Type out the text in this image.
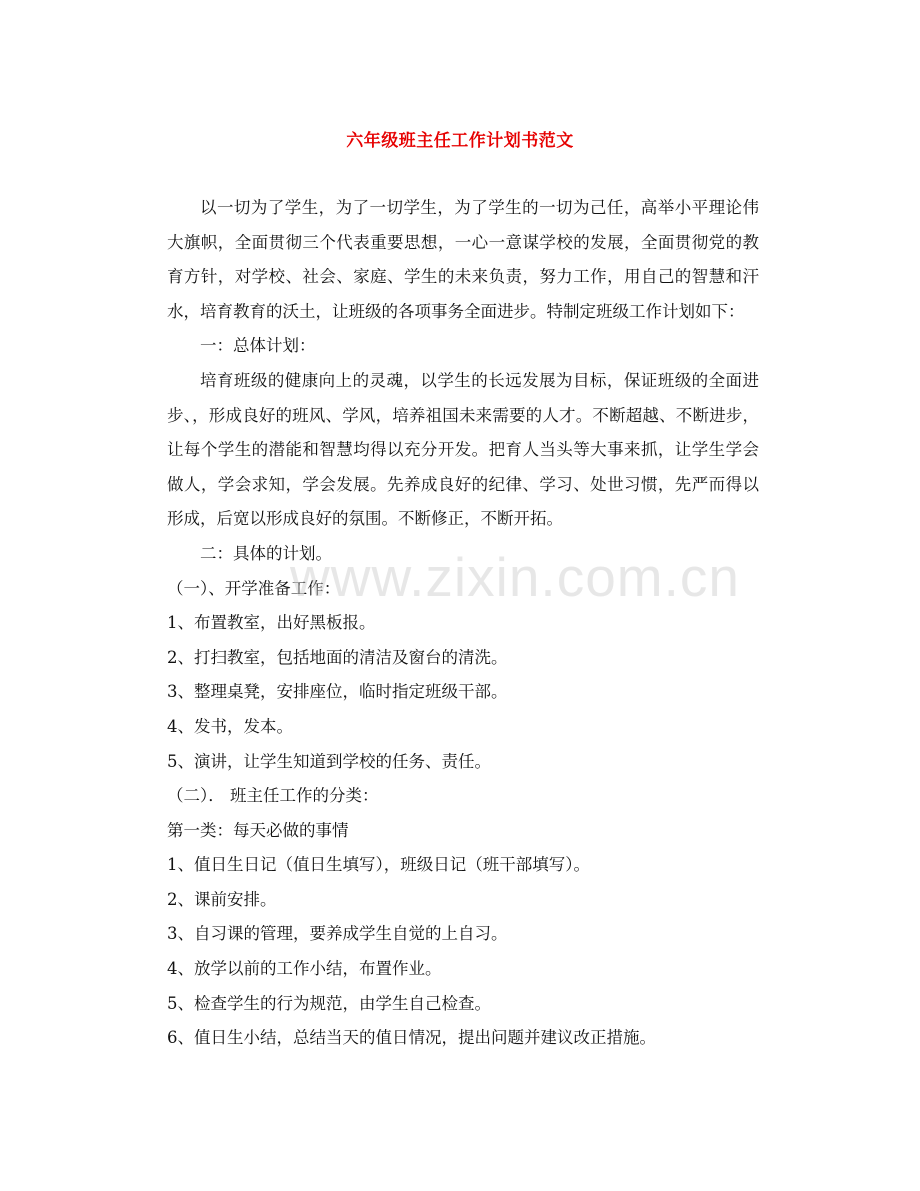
六年级班主任工作计划书范文

以一切为了学生，为了一切学生，为了学生的一切为己任，高举小平理论伟大旗帜，全面贯彻三个代表重要思想，一心一意谋学校的发展，全面贯彻党的教育方针，对学校、社会、家庭、学生的未来负责，努力工作，用自己的智慧和汗水，培育教育的沃土，让班级的各项事务全面进步。特制定班级工作计划如下：

一：总体计划：

培育班级的健康向上的灵魂，以学生的长远发展为目标，保证班级的全面进步、，形成良好的班风、学风，培养祖国未来需要的人才。不断超越、不断进步，让每个学生的潜能和智慧均得以充分开发。把育人当头等大事来抓，让学生学会做人，学会求知，学会发展。先养成良好的纪律、学习、处世习惯，先严而得以形成，后宽以形成良好的氛围。不断修正，不断开拓。

二：具体的计划。

（一）、开学准备工作：

1、布置教室，出好黑板报。

2、打扫教室，包括地面的清洁及窗台的清洗。

3、整理桌凳，安排座位，临时指定班级干部。

4、发书，发本。

5、演讲，让学生知道到学校的任务、责任。

（二）． 班主任工作的分类：

第一类：每天必做的事情

1、值日生日记（值日生填写），班级日记（班干部填写）。

2、课前安排。

3、自习课的管理，要养成学生自觉的上自习。

4、放学以前的工作小结，布置作业。

5、检查学生的行为规范，由学生自己检查。

6、值日生小结，总结当天的值日情况，提出问题并建议改正措施。

www.zixin.com.cn
